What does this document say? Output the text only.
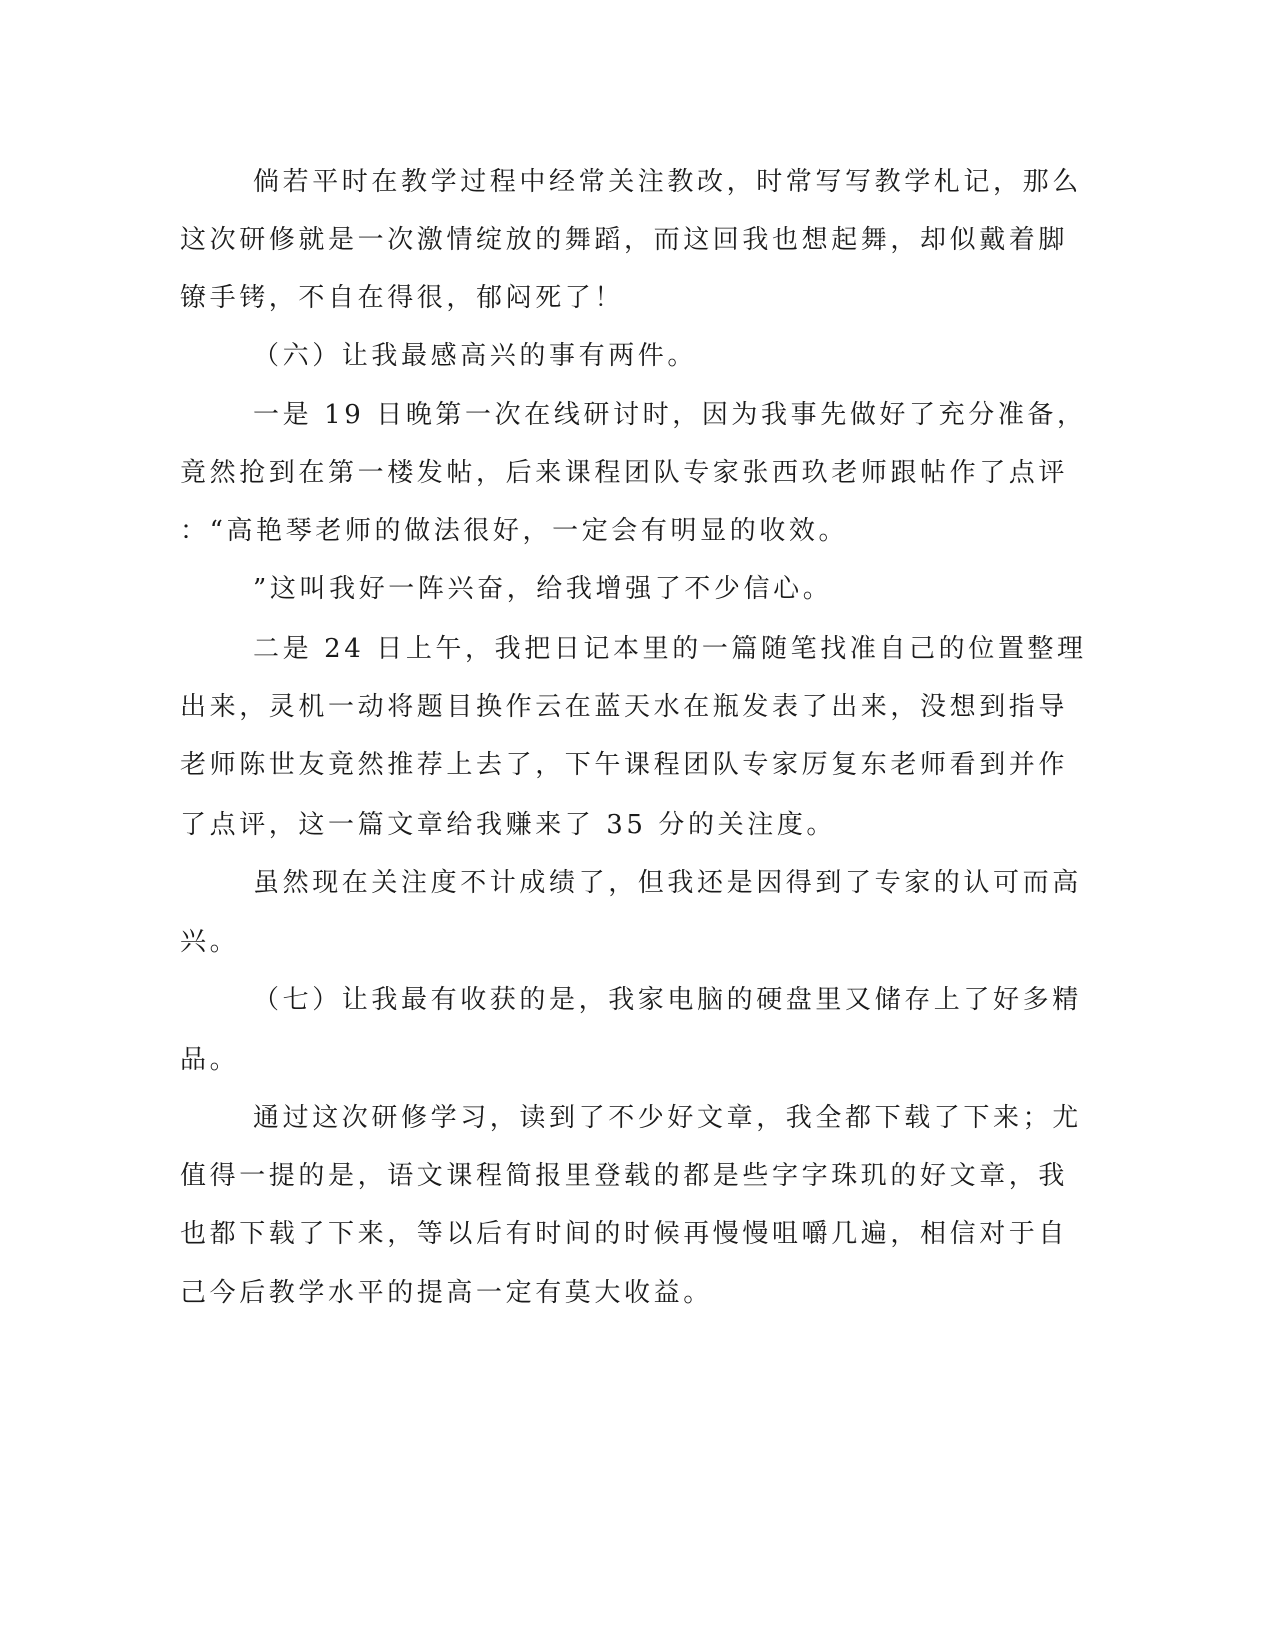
倘若平时在教学过程中经常关注教改，时常写写教学札记，那么
这次研修就是一次激情绽放的舞蹈，而这回我也想起舞，却似戴着脚
镣手铐，不自在得很，郁闷死了！
（六）让我最感高兴的事有两件。
一是 19 日晚第一次在线研讨时，因为我事先做好了充分准备，
竟然抢到在第一楼发帖，后来课程团队专家张西玖老师跟帖作了点评
：“高艳琴老师的做法很好，一定会有明显的收效。
”这叫我好一阵兴奋，给我增强了不少信心。
二是 24 日上午，我把日记本里的一篇随笔找准自己的位置整理
出来，灵机一动将题目换作云在蓝天水在瓶发表了出来，没想到指导
老师陈世友竟然推荐上去了，下午课程团队专家厉复东老师看到并作
了点评，这一篇文章给我赚来了 35 分的关注度。
虽然现在关注度不计成绩了，但我还是因得到了专家的认可而高
兴。
（七）让我最有收获的是，我家电脑的硬盘里又储存上了好多精
品。
通过这次研修学习，读到了不少好文章，我全都下载了下来；尤
值得一提的是，语文课程简报里登载的都是些字字珠玑的好文章，我
也都下载了下来，等以后有时间的时候再慢慢咀嚼几遍，相信对于自
己今后教学水平的提高一定有莫大收益。
